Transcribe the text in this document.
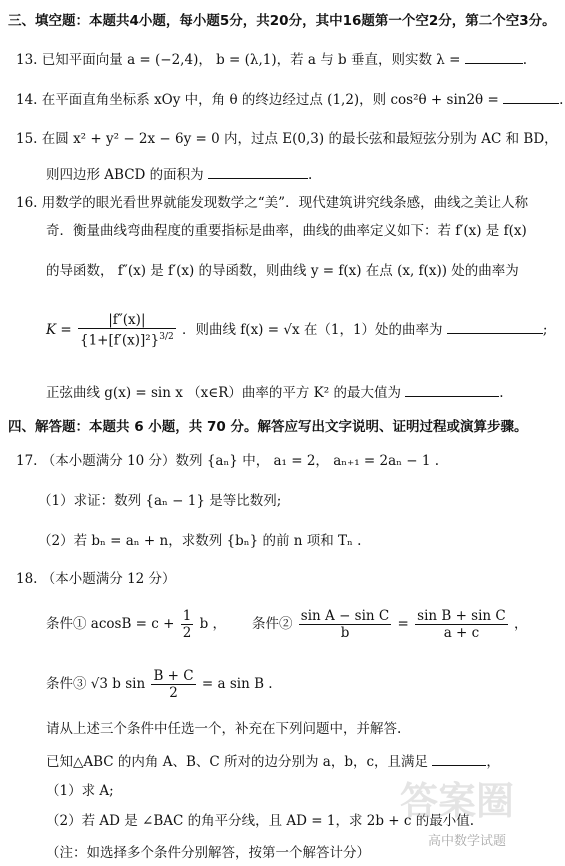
三、填空题：本题共4小题，每小题5分，共20分，其中16题第一个空2分，第二个空3分。
13. 已知平面向量 a = (−2,4)， b = (λ,1)，若 a 与 b 垂直，则实数 λ =	.
14. 在平面直角坐标系 xOy 中，角 θ 的终边经过点 (1,2)，则 cos²θ + sin2θ =	.
15. 在圆 x² + y² − 2x − 6y = 0 内，过点 E(0,3) 的最长弦和最短弦分别为 AC 和 BD，
则四边形 ABCD 的面积为	.
16. 用数学的眼光看世界就能发现数学之“美”．现代建筑讲究线条感，曲线之美让人称
奇．衡量曲线弯曲程度的重要指标是曲率，曲线的曲率定义如下：若 f′(x) 是 f(x)
的导函数， f″(x) 是 f′(x) 的导函数，则曲线 y = f(x) 在点 (x, f(x)) 处的曲率为
$K = \frac{|f''(x)|}{\{1+[f'(x)]^2\}^{3/2}}$ ．则曲线 f(x) = √x 在（1，1）处的曲率为	;
正弦曲线 g(x) = sin x （x∈R）曲率的平方 K² 的最大值为	.
四、解答题：本题共 6 小题，共 70 分。解答应写出文字说明、证明过程或演算步骤。
17. （本小题满分 10 分）数列 {aₙ} 中， a₁ = 2， aₙ₊₁ = 2aₙ − 1 .
（1）求证：数列 {aₙ − 1} 是等比数列;
（2）若 bₙ = aₙ + n，求数列 {bₙ} 的前 n 项和 Tₙ .
18. （本小题满分 12 分）
条件① $acosB = c + \frac{1}{2}$ b ， 条件② $\frac{\text{sin A − sin C}}{b} = \frac{\text{sin B + sin C}}{a + c}$ ，
条件③ √3 b $\sin \frac{B + C}{2} = a$ sin B .
请从上述三个条件中任选一个，补充在下列问题中，并解答.
已知△ABC 的内角 A、B、C 所对的边分别为 a，b，c，且满足	，
（1）求 A;
（2）若 AD 是 ∠BAC 的角平分线，且 AD = 1，求 2b + c 的最小值.
（注：如选择多个条件分别解答，按第一个解答计分）
答案圈
高中数学试题
